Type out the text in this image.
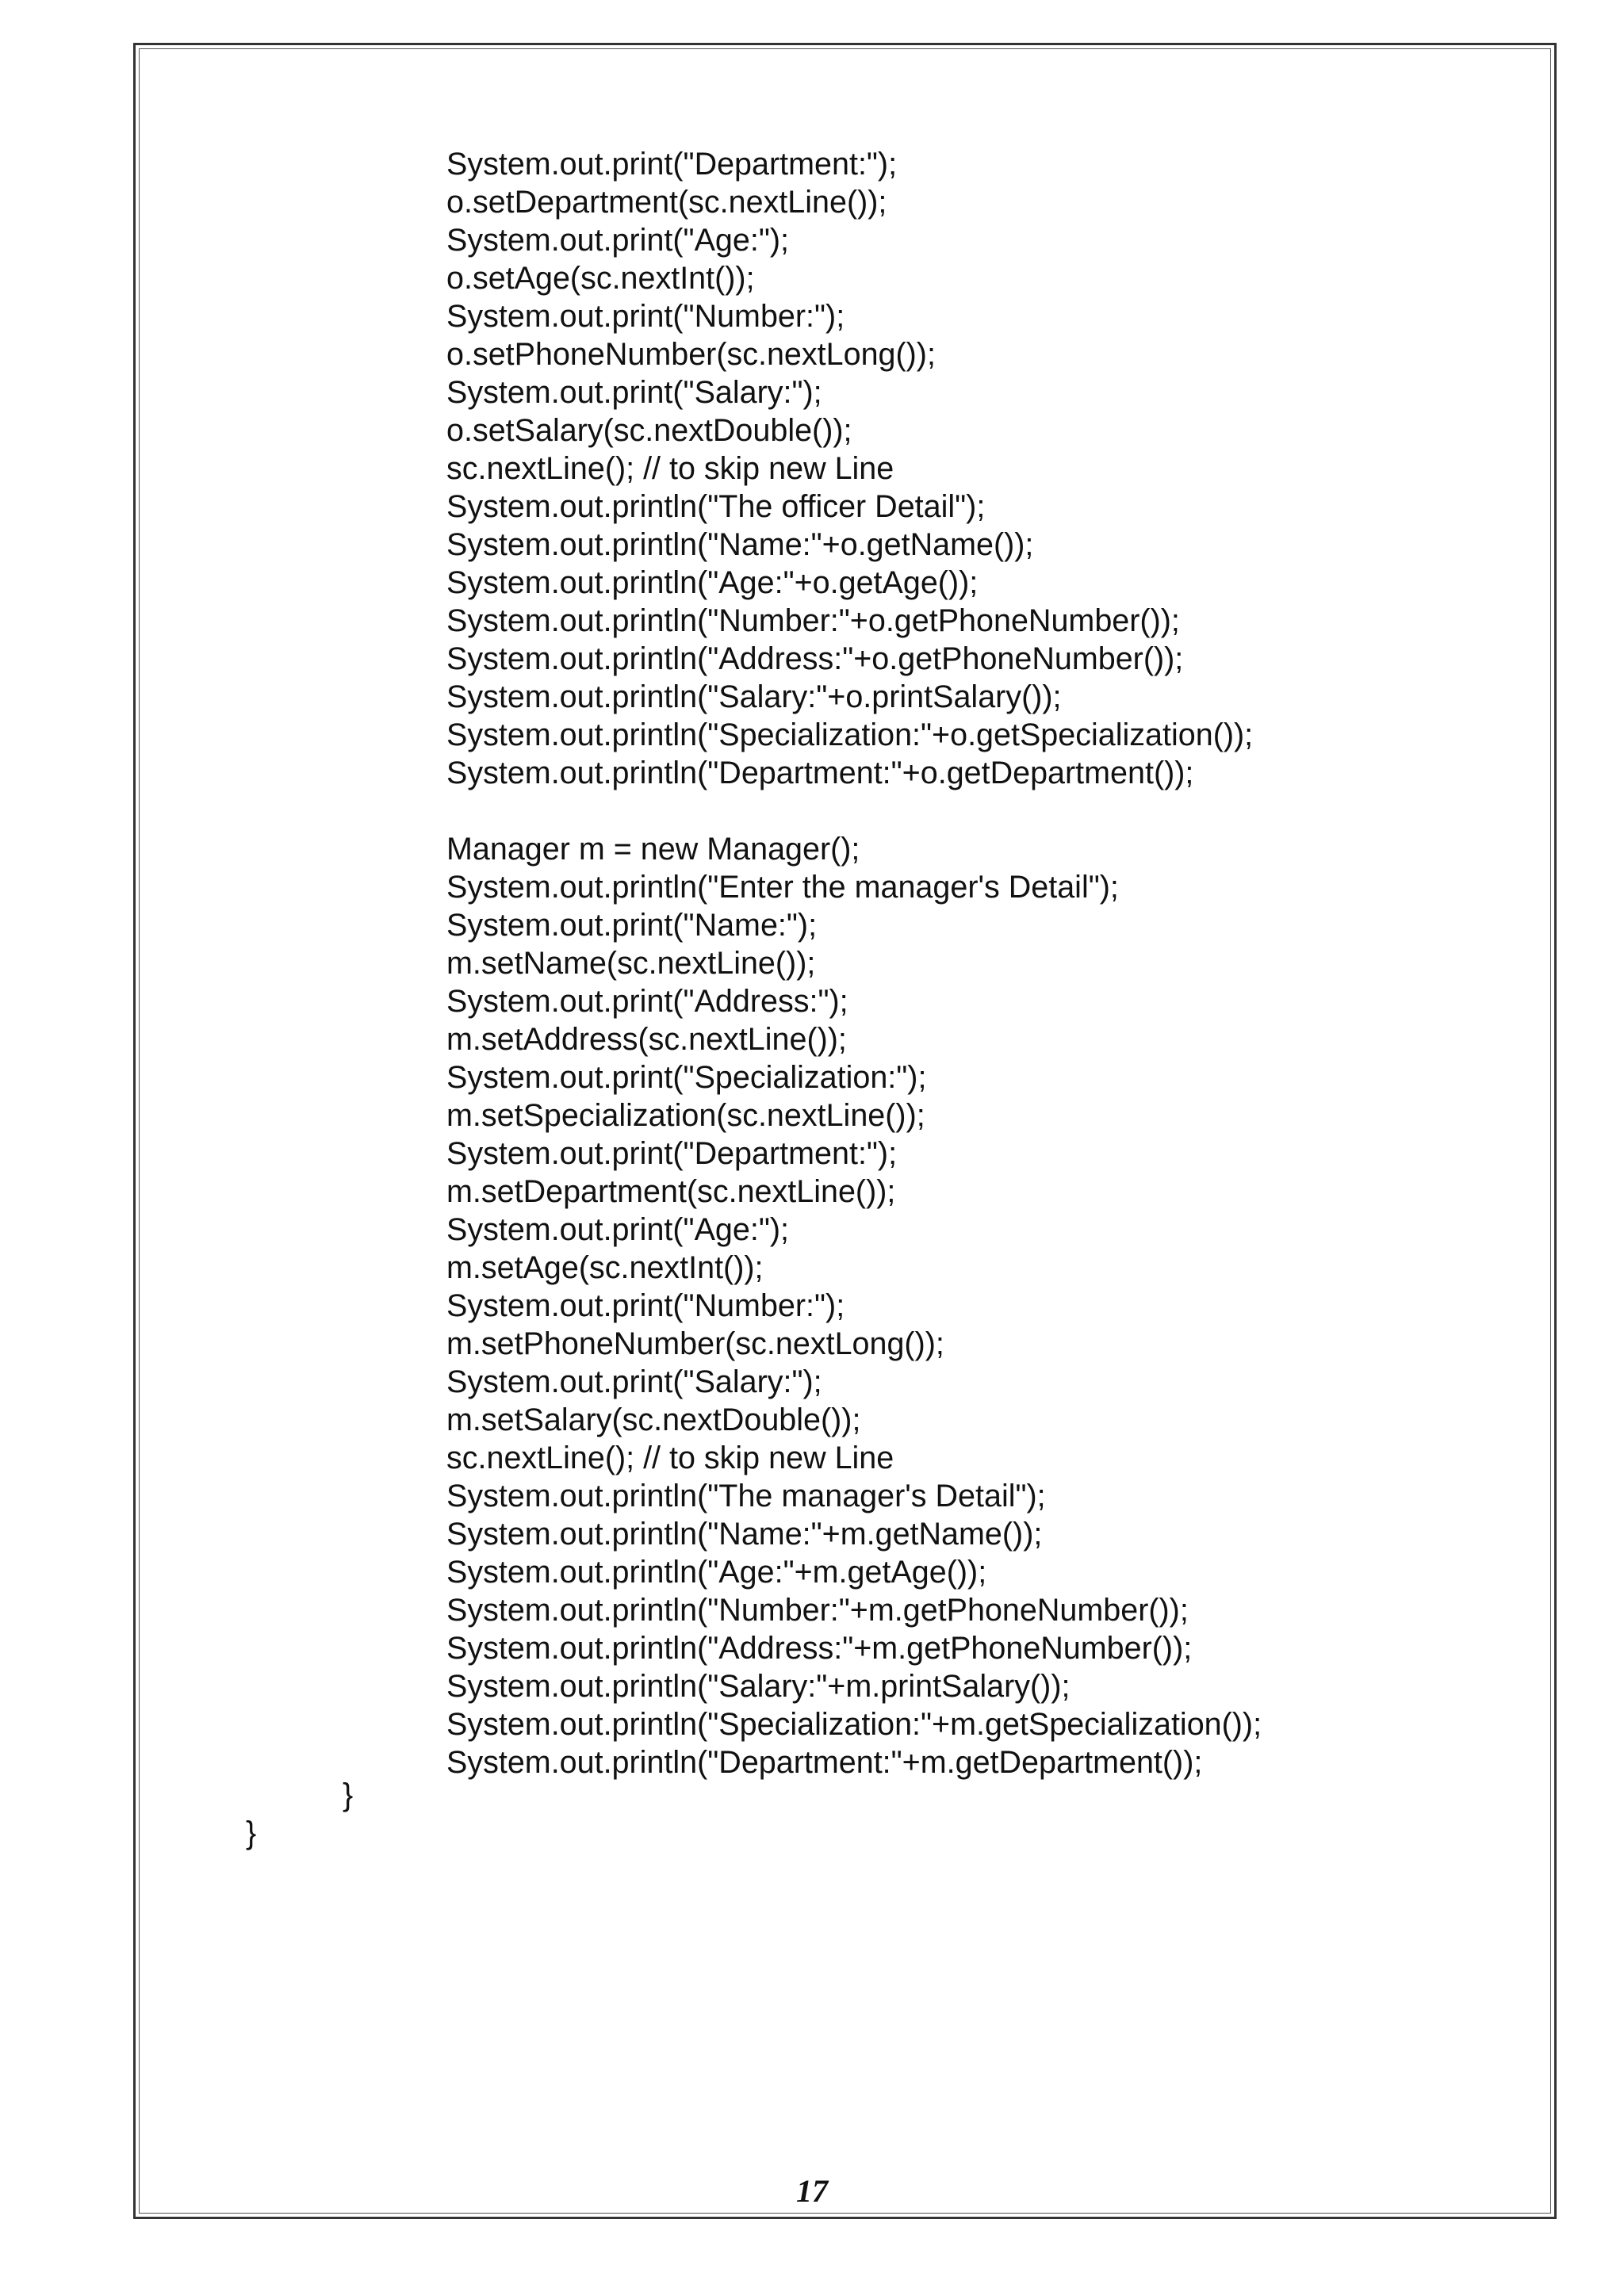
System.out.print("Department:");
o.setDepartment(sc.nextLine());
System.out.print("Age:");
o.setAge(sc.nextInt());
System.out.print("Number:");
o.setPhoneNumber(sc.nextLong());
System.out.print("Salary:");
o.setSalary(sc.nextDouble());
sc.nextLine(); // to skip new Line
System.out.println("The officer Detail");
System.out.println("Name:"+o.getName());
System.out.println("Age:"+o.getAge());
System.out.println("Number:"+o.getPhoneNumber());
System.out.println("Address:"+o.getPhoneNumber());
System.out.println("Salary:"+o.printSalary());
System.out.println("Specialization:"+o.getSpecialization());
System.out.println("Department:"+o.getDepartment());
Manager m = new Manager();
System.out.println("Enter the manager's Detail");
System.out.print("Name:");
m.setName(sc.nextLine());
System.out.print("Address:");
m.setAddress(sc.nextLine());
System.out.print("Specialization:");
m.setSpecialization(sc.nextLine());
System.out.print("Department:");
m.setDepartment(sc.nextLine());
System.out.print("Age:");
m.setAge(sc.nextInt());
System.out.print("Number:");
m.setPhoneNumber(sc.nextLong());
System.out.print("Salary:");
m.setSalary(sc.nextDouble());
sc.nextLine(); // to skip new Line
System.out.println("The manager's Detail");
System.out.println("Name:"+m.getName());
System.out.println("Age:"+m.getAge());
System.out.println("Number:"+m.getPhoneNumber());
System.out.println("Address:"+m.getPhoneNumber());
System.out.println("Salary:"+m.printSalary());
System.out.println("Specialization:"+m.getSpecialization());
System.out.println("Department:"+m.getDepartment());
}
}
17
